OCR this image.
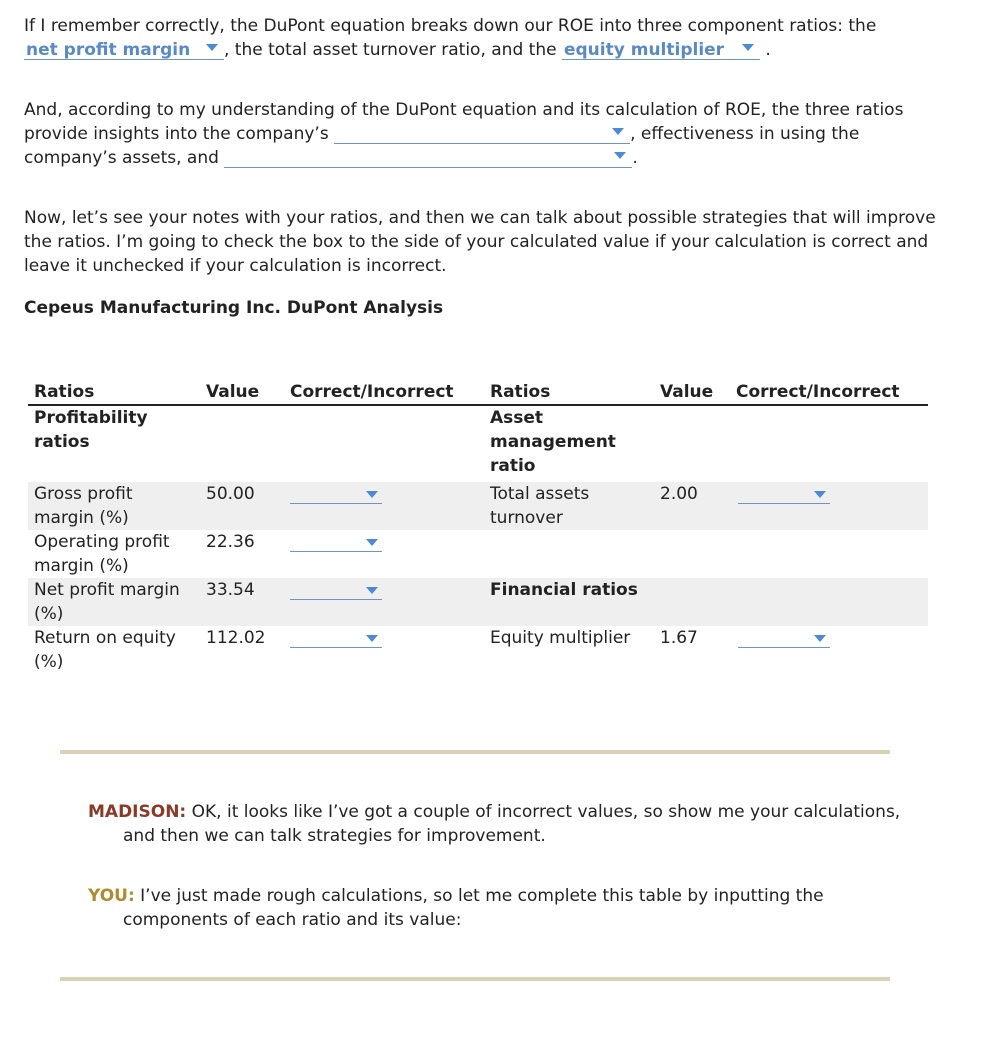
If I remember correctly, the DuPont equation breaks down our ROE into three component ratios: the net profit margin , the total asset turnover ratio, and the equity multiplier .
And, according to my understanding of the DuPont equation and its calculation of ROE, the three ratios provide insights into the company’s	, effectiveness in using the company’s assets, and	.
Now, let’s see your notes with your ratios, and then we can talk about possible strategies that will improve the ratios. I’m going to check the box to the side of your calculated value if your calculation is correct and leave it unchecked if your calculation is incorrect.
Cepeus Manufacturing Inc. DuPont Analysis
Ratios	Value	Correct/Incorrect	Ratios	Value	Correct/Incorrect
Profitability ratios			Asset management ratio		
Gross profit margin (%)	50.00		Total assets turnover	2.00	

Operating profit margin (%)	22.36	

Net profit margin (%)	33.54		Financial ratios		
Return on equity (%)	112.02		Equity multiplier	1.67	
MADISON: OK, it looks like I’ve got a couple of incorrect values, so show me your calculations, and then we can talk strategies for improvement.
YOU: I’ve just made rough calculations, so let me complete this table by inputting the components of each ratio and its value:
